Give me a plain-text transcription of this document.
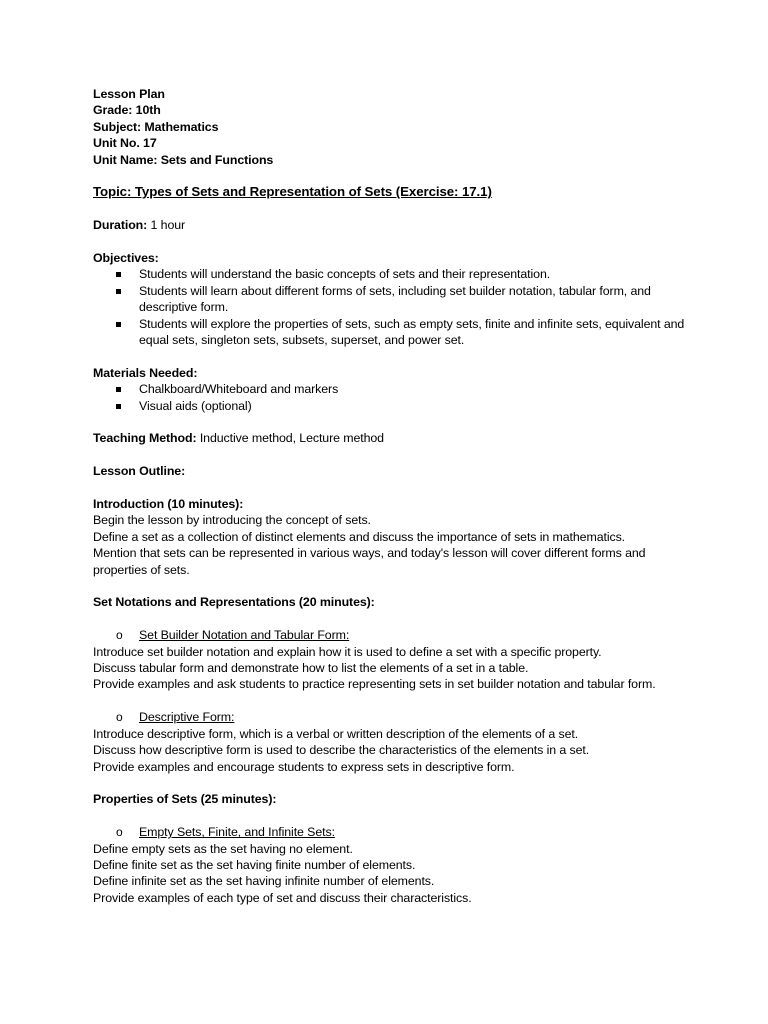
Lesson Plan
Grade: 10th
Subject: Mathematics
Unit No. 17
Unit Name: Sets and Functions
Topic: Types of Sets and Representation of Sets (Exercise: 17.1)
Duration: 1 hour
Objectives:
Students will understand the basic concepts of sets and their representation.
Students will learn about different forms of sets, including set builder notation, tabular form, and descriptive form.
Students will explore the properties of sets, such as empty sets, finite and infinite sets, equivalent and equal sets, singleton sets, subsets, superset, and power set.
Materials Needed:
Chalkboard/Whiteboard and markers
Visual aids (optional)
Teaching Method: Inductive method, Lecture method
Lesson Outline:
Introduction (10 minutes):
Begin the lesson by introducing the concept of sets.
Define a set as a collection of distinct elements and discuss the importance of sets in mathematics.
Mention that sets can be represented in various ways, and today's lesson will cover different forms and properties of sets.
Set Notations and Representations (20 minutes):
o Set Builder Notation and Tabular Form:
Introduce set builder notation and explain how it is used to define a set with a specific property.
Discuss tabular form and demonstrate how to list the elements of a set in a table.
Provide examples and ask students to practice representing sets in set builder notation and tabular form.
o Descriptive Form:
Introduce descriptive form, which is a verbal or written description of the elements of a set.
Discuss how descriptive form is used to describe the characteristics of the elements in a set.
Provide examples and encourage students to express sets in descriptive form.
Properties of Sets (25 minutes):
o Empty Sets, Finite, and Infinite Sets:
Define empty sets as the set having no element.
Define finite set as the set having finite number of elements.
Define infinite set as the set having infinite number of elements.
Provide examples of each type of set and discuss their characteristics.
